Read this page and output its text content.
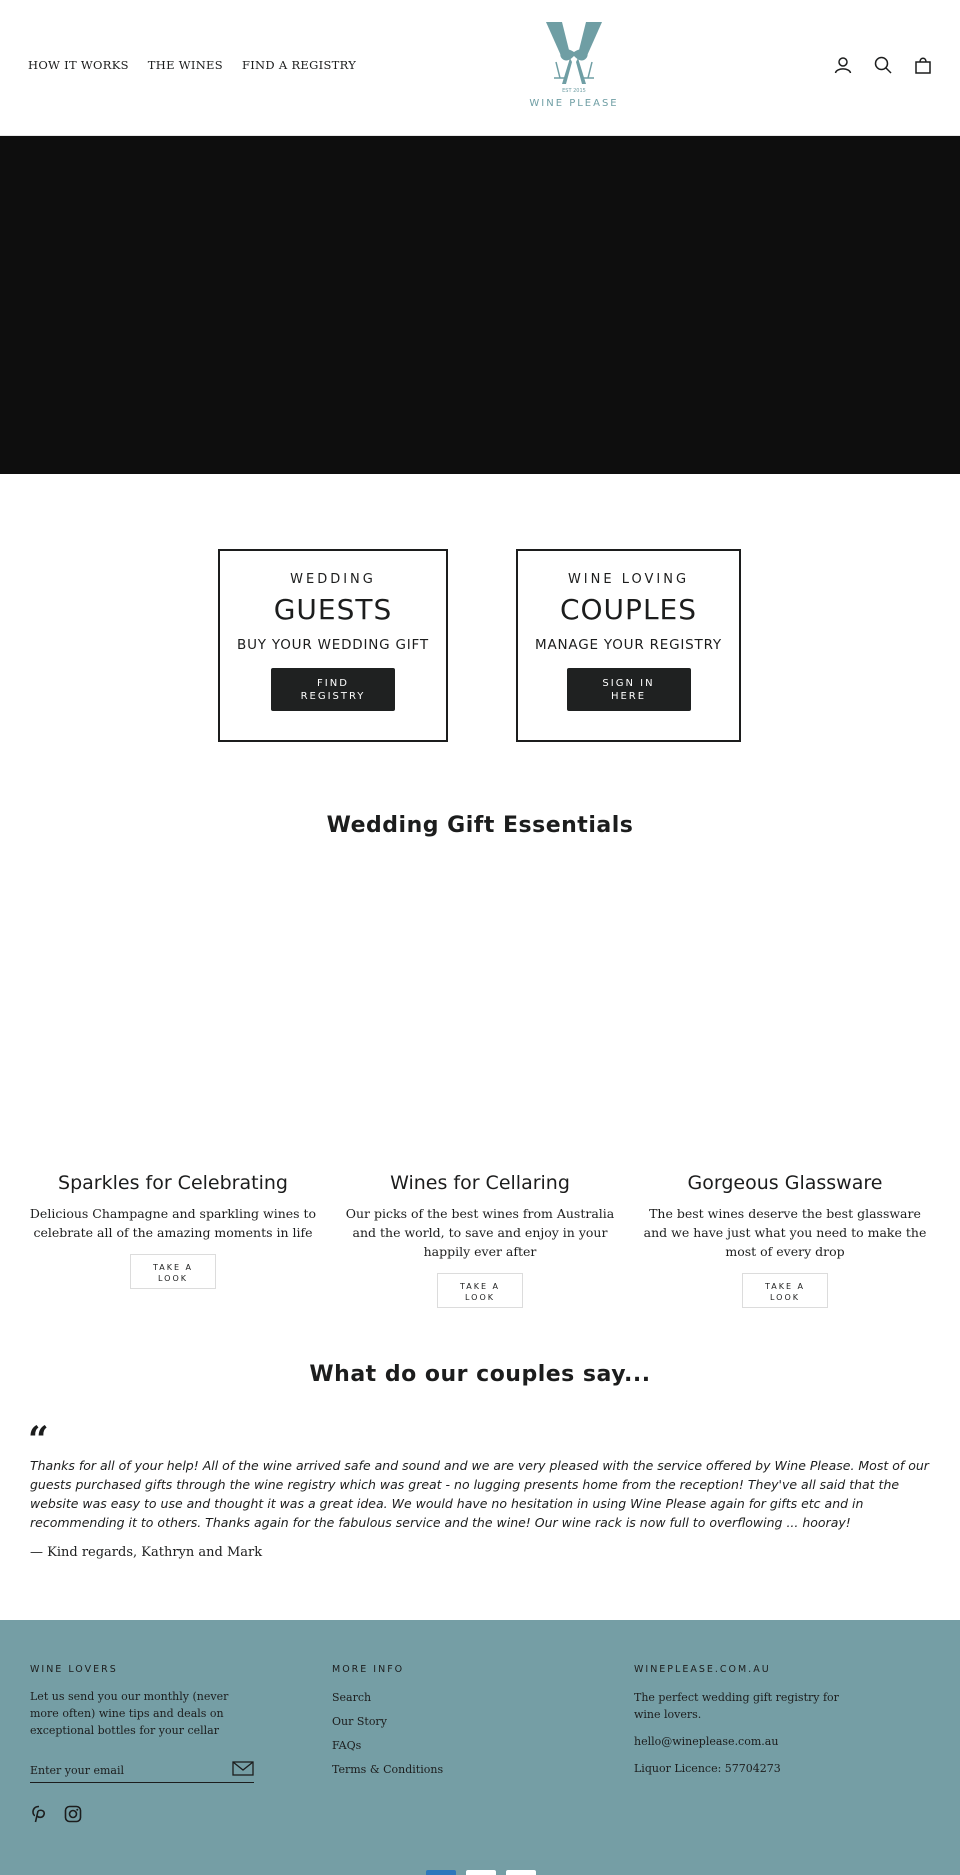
HOW IT WORKS THE WINES FIND A REGISTRY
EST 2015
WINE PLEASE
WEDDING
GUESTS
BUY YOUR WEDDING GIFT
FIND
REGISTRY
WINE LOVING
COUPLES
MANAGE YOUR REGISTRY
SIGN IN
HERE
Wedding Gift Essentials
Sparkles for Celebrating
Delicious Champagne and sparkling wines to celebrate all of the amazing moments in life
TAKE A
LOOK
Wines for Cellaring
Our picks of the best wines from Australia and the world, to save and enjoy in your happily ever after
TAKE A
LOOK
Gorgeous Glassware
The best wines deserve the best glassware and we have just what you need to make the most of every drop
TAKE A
LOOK
What do our couples say...
“

Thanks for all of your help! All of the wine arrived safe and sound and we are very pleased with the service offered by Wine Please. Most of our guests purchased gifts through the wine registry which was great - no lugging presents home from the reception! They've all said that the website was easy to use and thought it was a great idea. We would have no hesitation in using Wine Please again for gifts etc and in recommending it to others. Thanks again for the fabulous service and the wine! Our wine rack is now full to overflowing ... hooray!

— Kind regards, Kathryn and Mark
WINE LOVERS

Let us send you our monthly (never more often) wine tips and deals on exceptional bottles for your cellar

Enter your email
MORE INFO
Search
Our Story
FAQs
Terms & Conditions
WINEPLEASE.COM.AU

The perfect wedding gift registry for wine lovers.

hello@wineplease.com.au

Liquor Licence: 57704273
